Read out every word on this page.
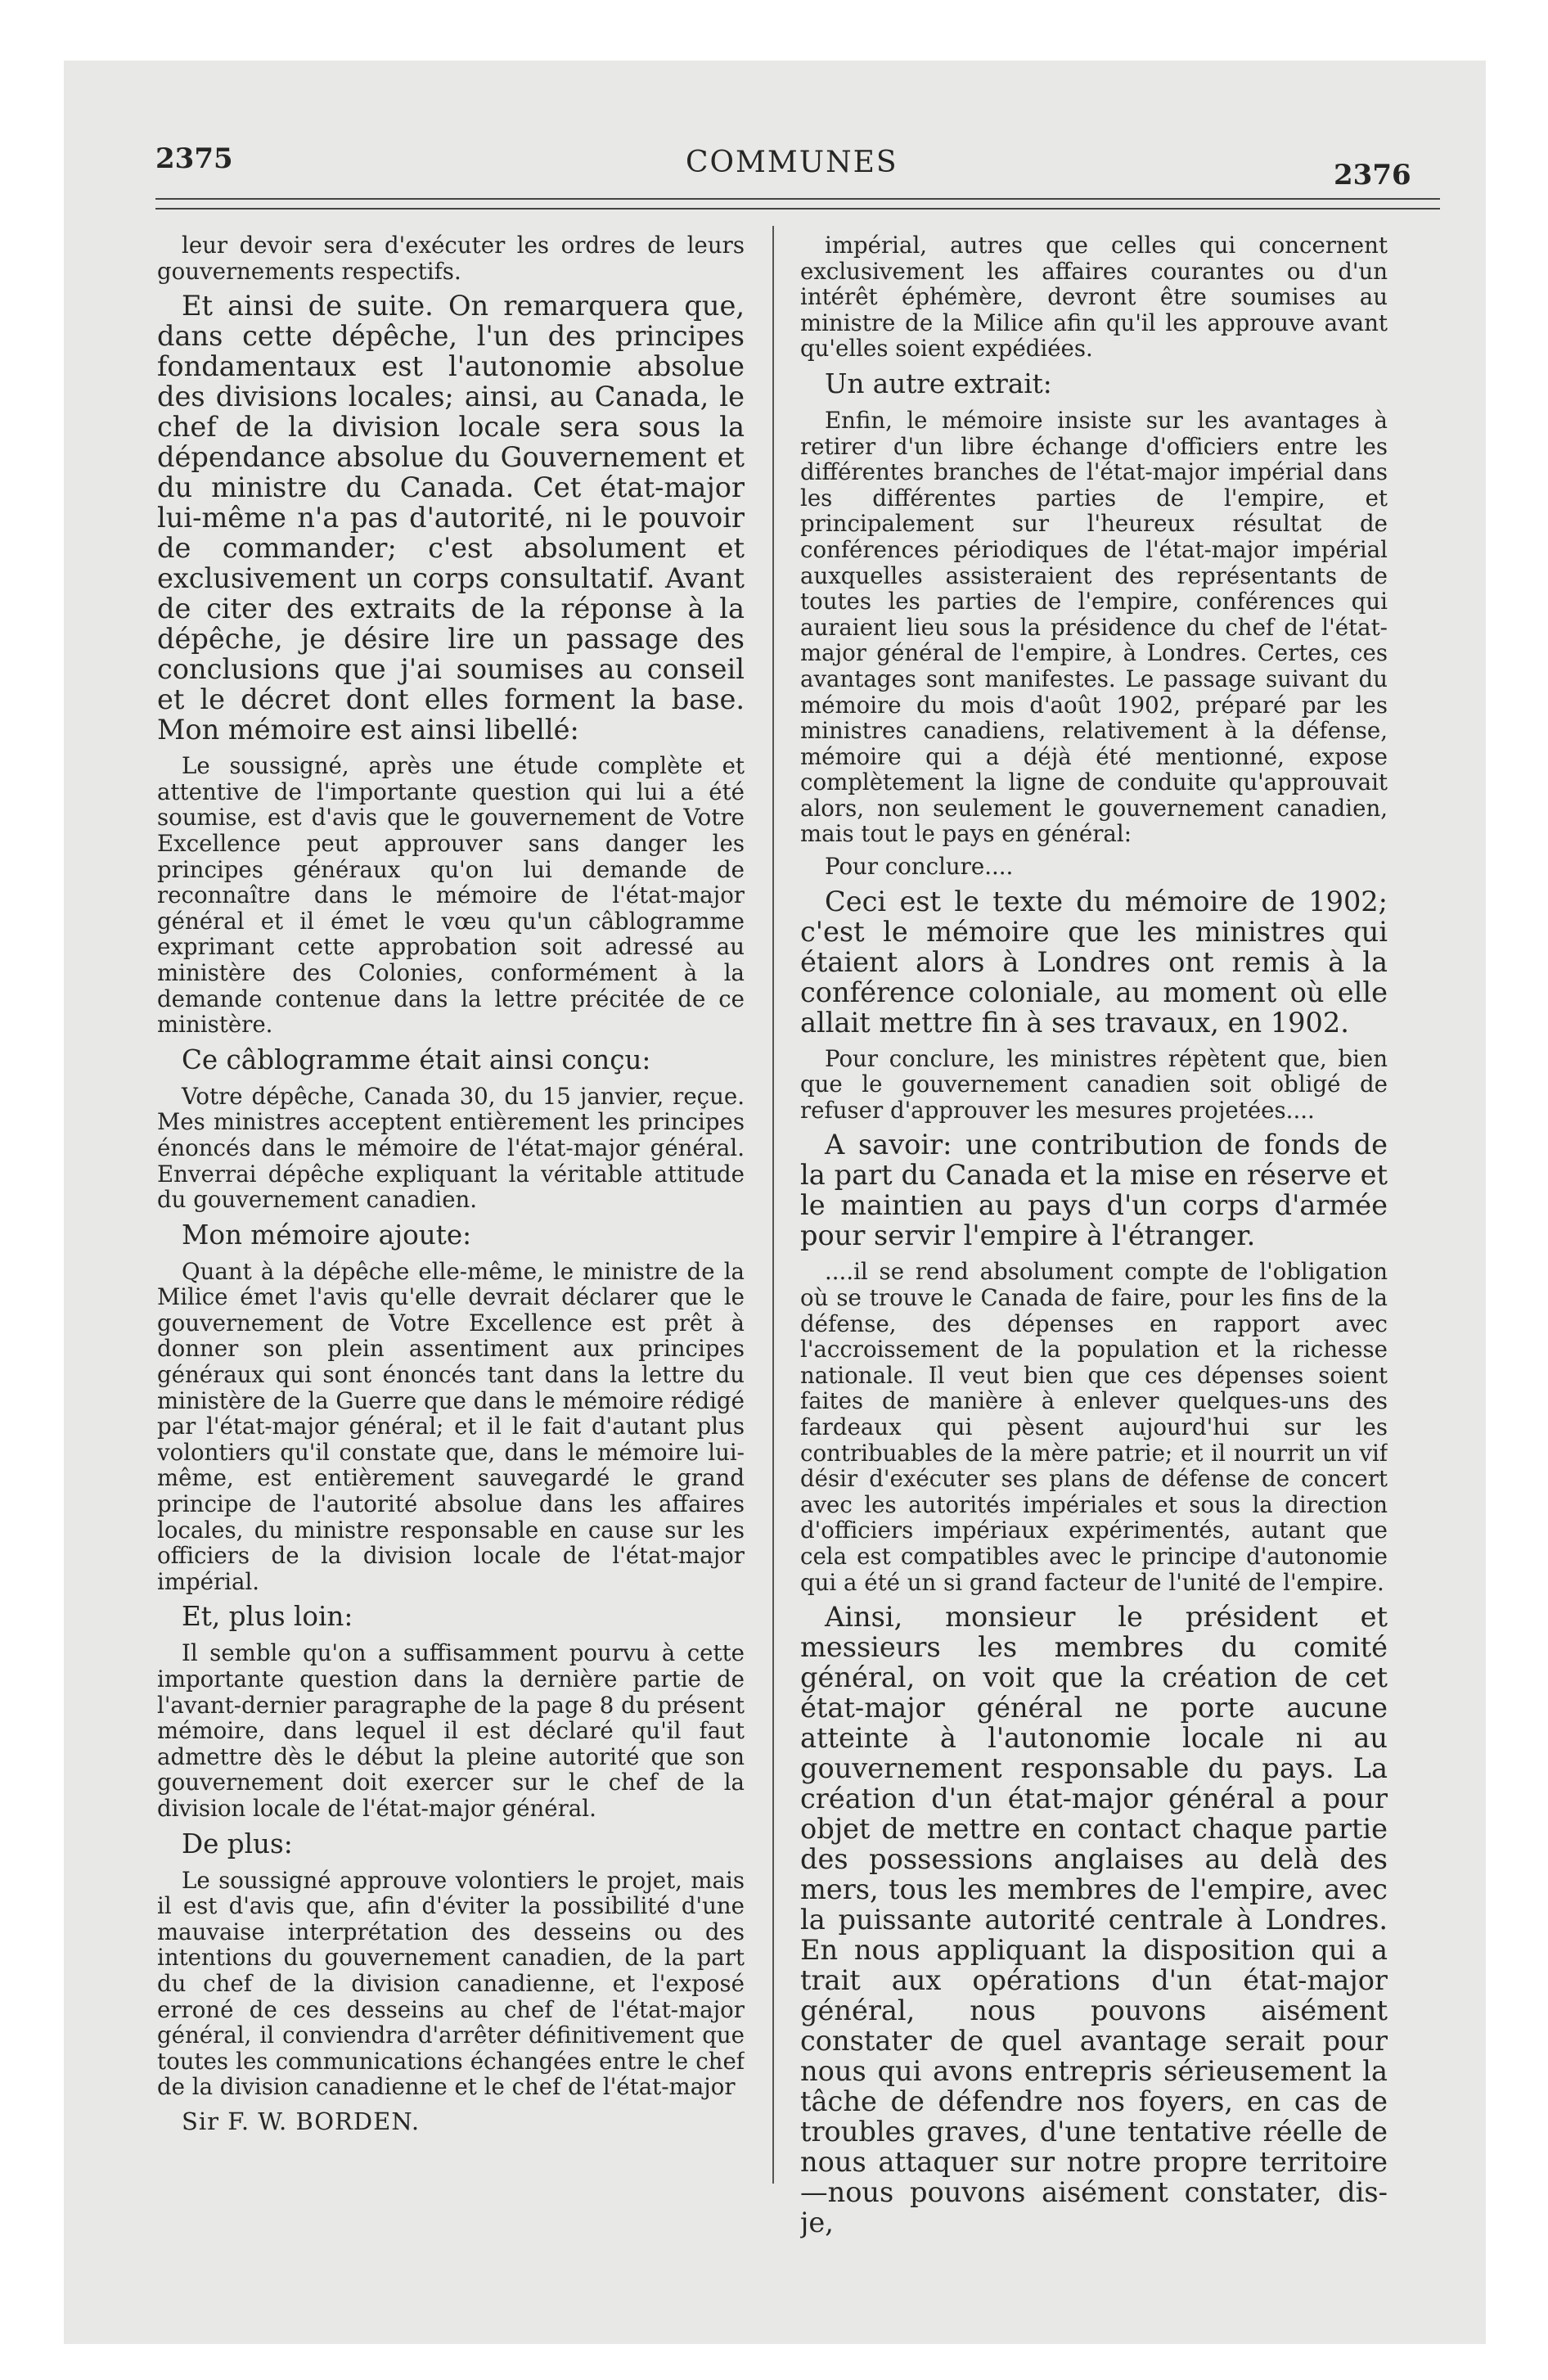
2375	COMMUNES	2376

leur devoir sera d'exécuter les ordres de leurs gouvernements respectifs.

Et ainsi de suite. On remarquera que, dans cette dépêche, l'un des principes fondamentaux est l'autonomie absolue des divisions locales; ainsi, au Canada, le chef de la division locale sera sous la dépendance absolue du Gouvernement et du ministre du Canada. Cet état-major lui-même n'a pas d'autorité, ni le pouvoir de commander; c'est absolument et exclusivement un corps consultatif. Avant de citer des extraits de la réponse à la dépêche, je désire lire un passage des conclusions que j'ai soumises au conseil et le décret dont elles forment la base. Mon mémoire est ainsi libellé:

Le soussigné, après une étude complète et attentive de l'importante question qui lui a été soumise, est d'avis que le gouvernement de Votre Excellence peut approuver sans danger les principes généraux qu'on lui demande de reconnaître dans le mémoire de l'état-major général et il émet le vœu qu'un câblogramme exprimant cette approbation soit adressé au ministère des Colonies, conformément à la demande contenue dans la lettre précitée de ce ministère.

Ce câblogramme était ainsi conçu:

Votre dépêche, Canada 30, du 15 janvier, reçue. Mes ministres acceptent entièrement les principes énoncés dans le mémoire de l'état-major général. Enverrai dépêche expliquant la véritable attitude du gouvernement canadien.

Mon mémoire ajoute:

Quant à la dépêche elle-même, le ministre de la Milice émet l'avis qu'elle devrait déclarer que le gouvernement de Votre Excellence est prêt à donner son plein assentiment aux principes généraux qui sont énoncés tant dans la lettre du ministère de la Guerre que dans le mémoire rédigé par l'état-major général; et il le fait d'autant plus volontiers qu'il constate que, dans le mémoire lui-même, est entièrement sauvegardé le grand principe de l'autorité absolue dans les affaires locales, du ministre responsable en cause sur les officiers de la division locale de l'état-major impérial.

Et, plus loin:

Il semble qu'on a suffisamment pourvu à cette importante question dans la dernière partie de l'avant-dernier paragraphe de la page 8 du présent mémoire, dans lequel il est déclaré qu'il faut admettre dès le début la pleine autorité que son gouvernement doit exercer sur le chef de la division locale de l'état-major général.

De plus:

Le soussigné approuve volontiers le projet, mais il est d'avis que, afin d'éviter la possibilité d'une mauvaise interprétation des desseins ou des intentions du gouvernement canadien, de la part du chef de la division canadienne, et l'exposé erroné de ces desseins au chef de l'état-major général, il conviendra d'arrêter définitivement que toutes les communications échangées entre le chef de la division canadienne et le chef de l'état-major

Sir F. W. BORDEN.

impérial, autres que celles qui concernent exclusivement les affaires courantes ou d'un intérêt éphémère, devront être soumises au ministre de la Milice afin qu'il les approuve avant qu'elles soient expédiées.

Un autre extrait:

Enfin, le mémoire insiste sur les avantages à retirer d'un libre échange d'officiers entre les différentes branches de l'état-major impérial dans les différentes parties de l'empire, et principalement sur l'heureux résultat de conférences périodiques de l'état-major impérial auxquelles assisteraient des représentants de toutes les parties de l'empire, conférences qui auraient lieu sous la présidence du chef de l'état-major général de l'empire, à Londres. Certes, ces avantages sont manifestes. Le passage suivant du mémoire du mois d'août 1902, préparé par les ministres canadiens, relativement à la défense, mémoire qui a déjà été mentionné, expose complètement la ligne de conduite qu'approuvait alors, non seulement le gouvernement canadien, mais tout le pays en général:

Pour conclure....

Ceci est le texte du mémoire de 1902; c'est le mémoire que les ministres qui étaient alors à Londres ont remis à la conférence coloniale, au moment où elle allait mettre fin à ses travaux, en 1902.

Pour conclure, les ministres répètent que, bien que le gouvernement canadien soit obligé de refuser d'approuver les mesures projetées....

A savoir: une contribution de fonds de la part du Canada et la mise en réserve et le maintien au pays d'un corps d'armée pour servir l'empire à l'étranger.

....il se rend absolument compte de l'obligation où se trouve le Canada de faire, pour les fins de la défense, des dépenses en rapport avec l'accroissement de la population et la richesse nationale. Il veut bien que ces dépenses soient faites de manière à enlever quelques-uns des fardeaux qui pèsent aujourd'hui sur les contribuables de la mère patrie; et il nourrit un vif désir d'exécuter ses plans de défense de concert avec les autorités impériales et sous la direction d'officiers impériaux expérimentés, autant que cela est compatibles avec le principe d'autonomie qui a été un si grand facteur de l'unité de l'empire.

Ainsi, monsieur le président et messieurs les membres du comité général, on voit que la création de cet état-major général ne porte aucune atteinte à l'autonomie locale ni au gouvernement responsable du pays. La création d'un état-major général a pour objet de mettre en contact chaque partie des possessions anglaises au delà des mers, tous les membres de l'empire, avec la puissante autorité centrale à Londres. En nous appliquant la disposition qui a trait aux opérations d'un état-major général, nous pouvons aisément constater de quel avantage serait pour nous qui avons entrepris sérieusement la tâche de défendre nos foyers, en cas de troubles graves, d'une tentative réelle de nous attaquer sur notre propre territoire—nous pouvons aisément constater, dis-je,
